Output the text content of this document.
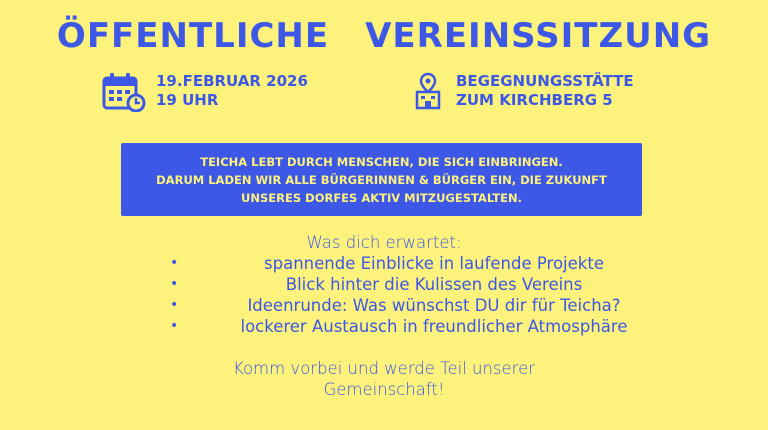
ÖFFENTLICHE VEREINSSITZUNG
19.FEBRUAR 2026
19 UHR
BEGEGNUNGSSTÄTTE
ZUM KIRCHBERG 5
TEICHA LEBT DURCH MENSCHEN, DIE SICH EINBRINGEN.
DARUM LADEN WIR ALLE BÜRGERINNEN & BÜRGER EIN, DIE ZUKUNFT
UNSERES DORFES AKTIV MITZUGESTALTEN.
Was dich erwartet:
•	spannende Einblicke in laufende Projekte
•	Blick hinter die Kulissen des Vereins
•	Ideenrunde: Was wünschst DU dir für Teicha?
•	lockerer Austausch in freundlicher Atmosphäre
Komm vorbei und werde Teil unserer
Gemeinschaft!
